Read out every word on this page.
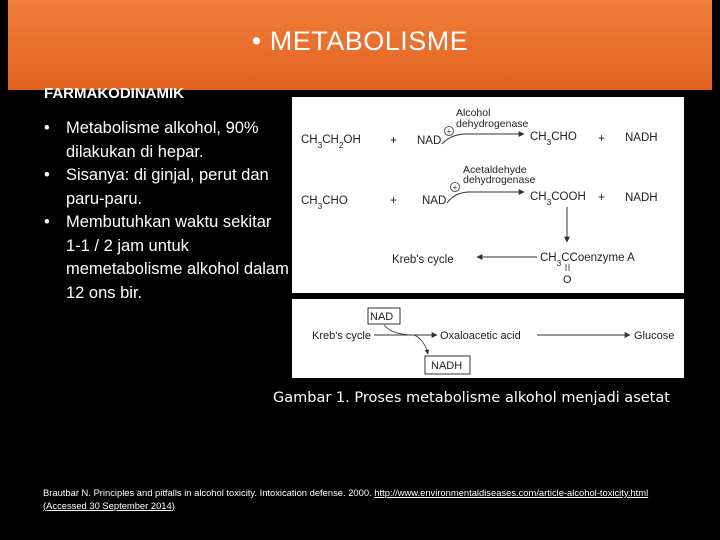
• METABOLISME
FARMAKODINAMIK
• Metabolisme alkohol, 90% dilakukan di hepar.
• Sisanya: di ginjal, perut dan paru-paru.
• Membutuhkan waktu sekitar 1-1 / 2 jam untuk memetabolisme alkohol dalam 12 ons bir.
Alcohol
dehydrogenase
$CH_3CH_2OH$ + NAD
+	$CH_3CHO$ + NADH
Acetaldehyde
dehydrogenase
$CH_3CHO$	+ NAD
+
$CH_3COOH$ + NADH
Kreb's cycle	$CH_3CCoenzyme$ A
O
NAD
Kreb's cycle	Oxaloacetic acid	Glucose
NADH
Gambar 1. Proses metabolisme alkohol menjadi asetat
Brautbar N. Principles and pitfalls in alcohol toxicity. Intoxication defense. 2000. http://www.environmentaldiseases.com/article-alcohol-toxicity.html
(Accessed 30 September 2014)
